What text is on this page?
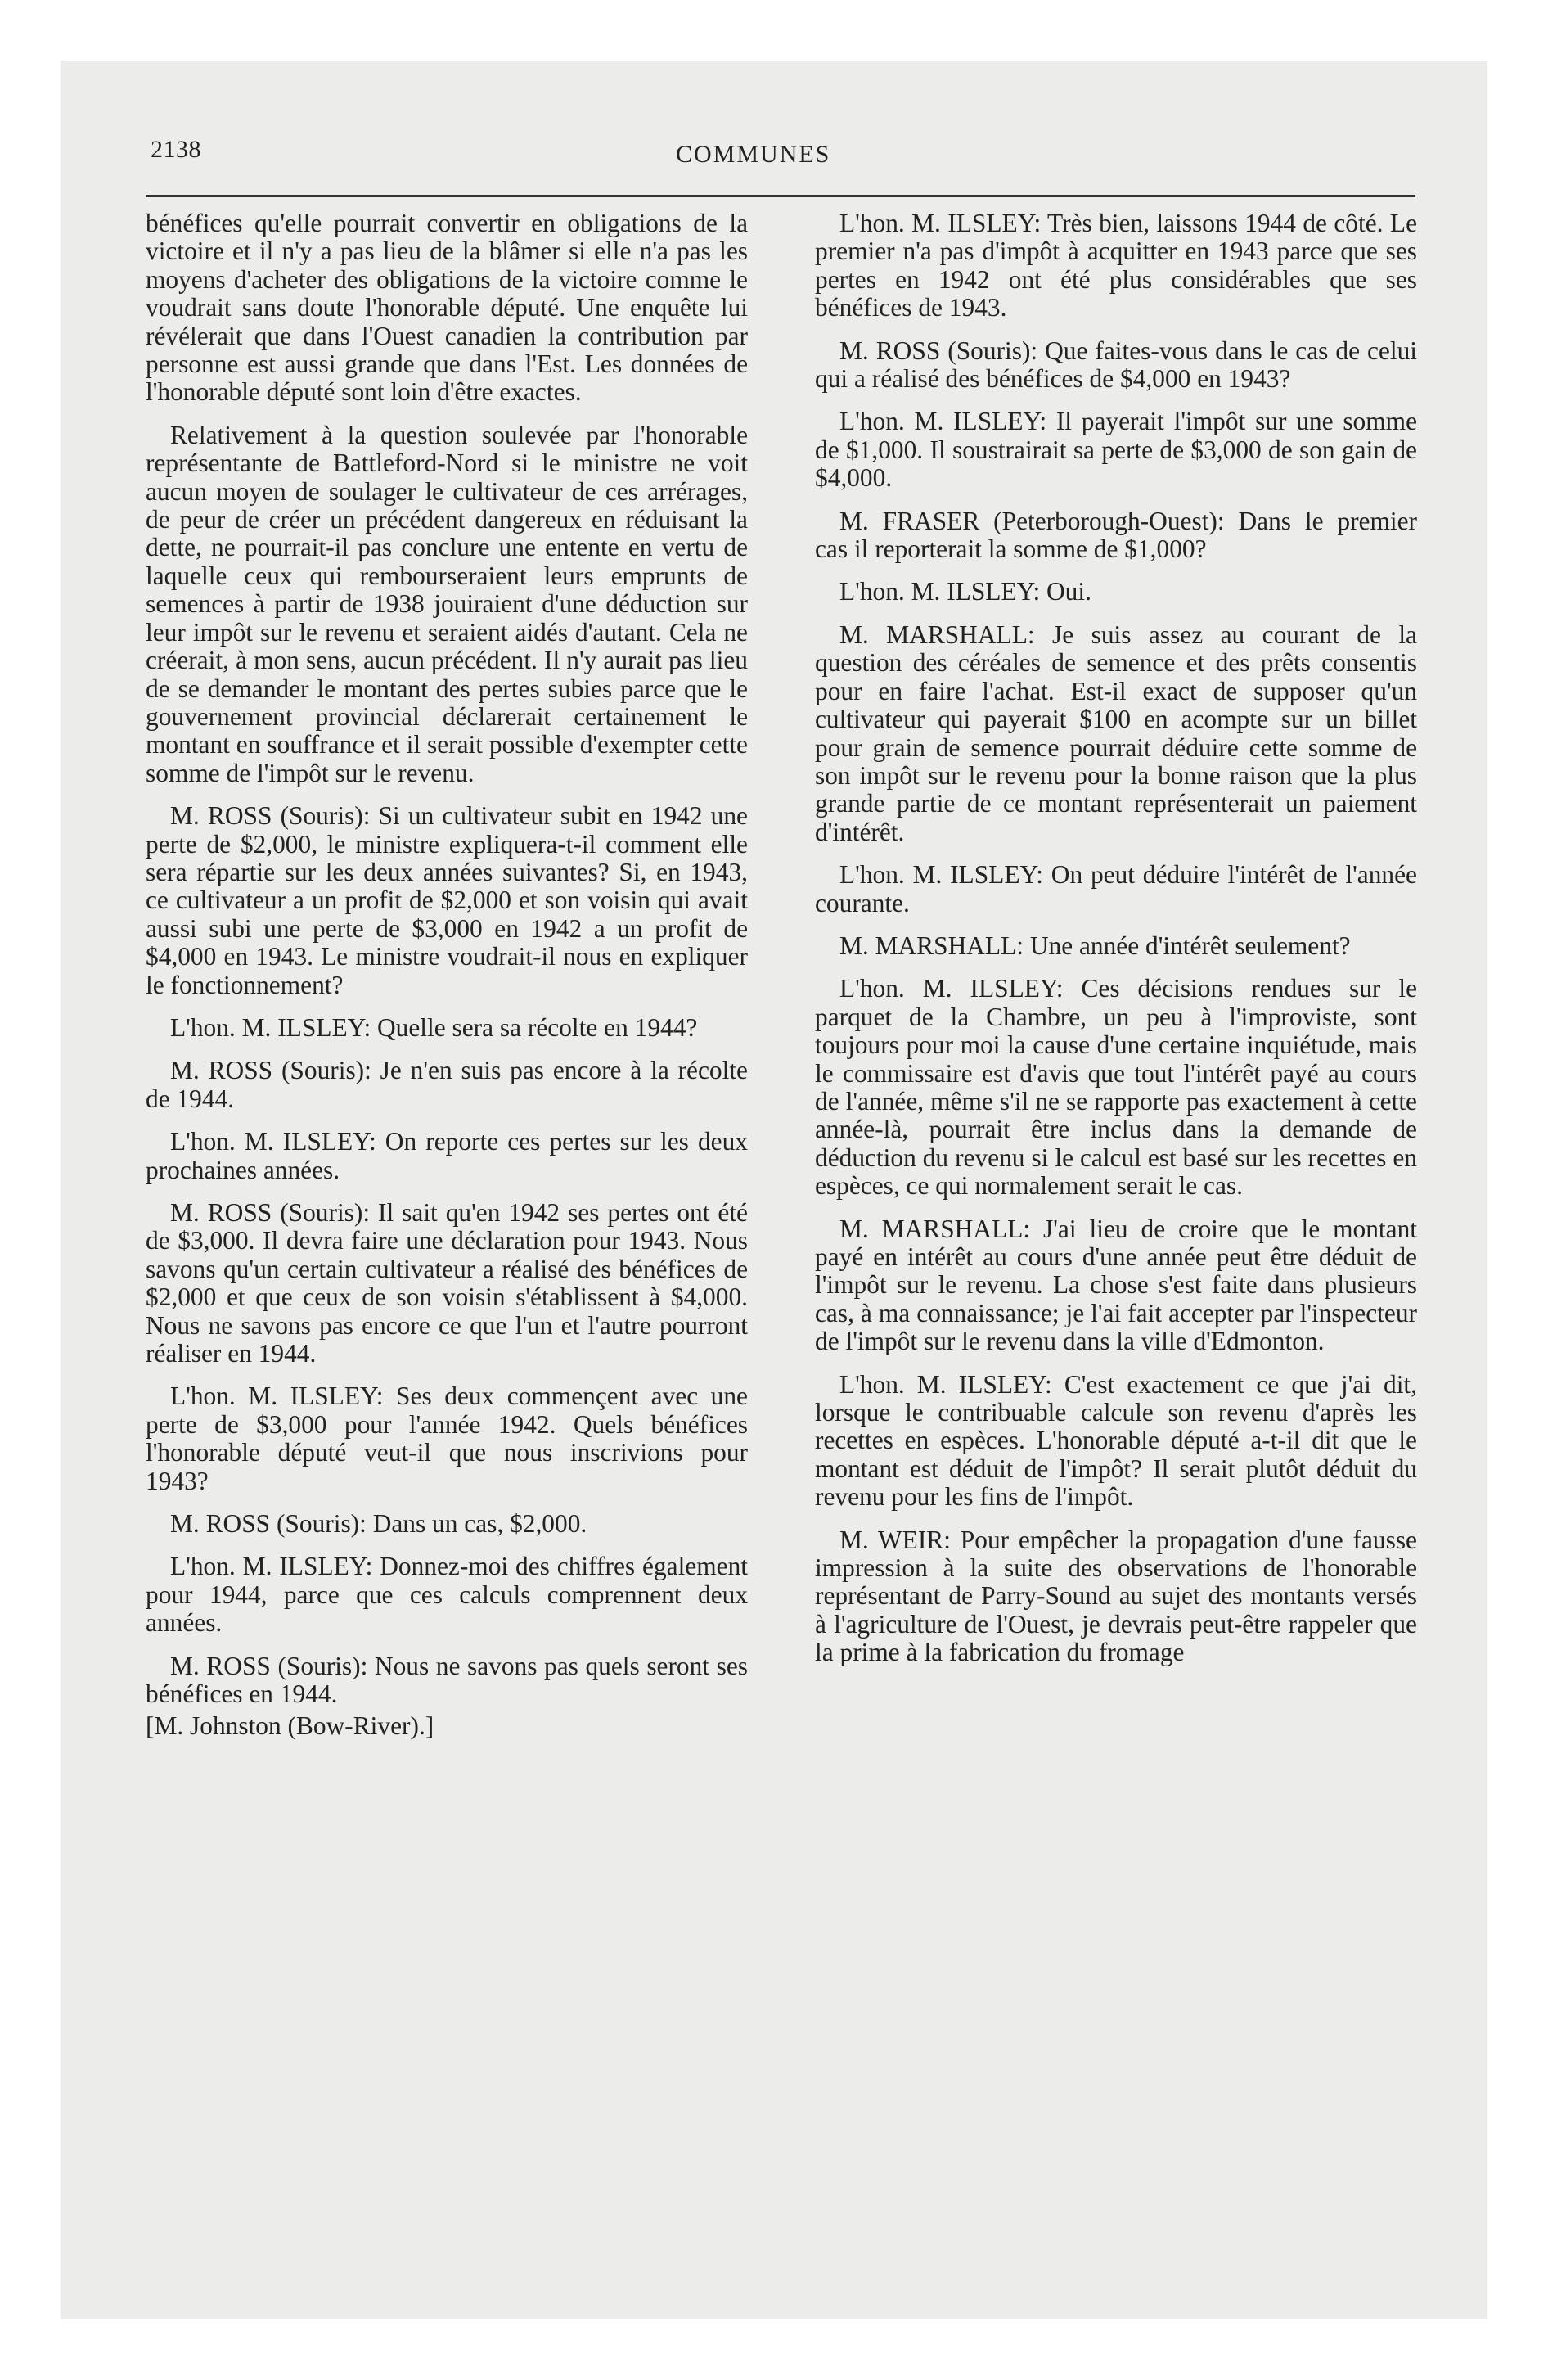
2138	COMMUNES

bénéfices qu'elle pourrait convertir en obligations de la victoire et il n'y a pas lieu de la blâmer si elle n'a pas les moyens d'acheter des obligations de la victoire comme le voudrait sans doute l'honorable député. Une enquête lui révélerait que dans l'Ouest canadien la contribution par personne est aussi grande que dans l'Est. Les données de l'honorable député sont loin d'être exactes.

Relativement à la question soulevée par l'honorable représentante de Battleford-Nord si le ministre ne voit aucun moyen de soulager le cultivateur de ces arrérages, de peur de créer un précédent dangereux en réduisant la dette, ne pourrait-il pas conclure une entente en vertu de laquelle ceux qui rembourseraient leurs emprunts de semences à partir de 1938 jouiraient d'une déduction sur leur impôt sur le revenu et seraient aidés d'autant. Cela ne créerait, à mon sens, aucun précédent. Il n'y aurait pas lieu de se demander le montant des pertes subies parce que le gouvernement provincial déclarerait certainement le montant en souffrance et il serait possible d'exempter cette somme de l'impôt sur le revenu.

M. ROSS (Souris): Si un cultivateur subit en 1942 une perte de $2,000, le ministre expliquera-t-il comment elle sera répartie sur les deux années suivantes? Si, en 1943, ce cultivateur a un profit de $2,000 et son voisin qui avait aussi subi une perte de $3,000 en 1942 a un profit de $4,000 en 1943. Le ministre voudrait-il nous en expliquer le fonctionnement?

L'hon. M. ILSLEY: Quelle sera sa récolte en 1944?

M. ROSS (Souris): Je n'en suis pas encore à la récolte de 1944.

L'hon. M. ILSLEY: On reporte ces pertes sur les deux prochaines années.

M. ROSS (Souris): Il sait qu'en 1942 ses pertes ont été de $3,000. Il devra faire une déclaration pour 1943. Nous savons qu'un certain cultivateur a réalisé des bénéfices de $2,000 et que ceux de son voisin s'établissent à $4,000. Nous ne savons pas encore ce que l'un et l'autre pourront réaliser en 1944.

L'hon. M. ILSLEY: Ses deux commençent avec une perte de $3,000 pour l'année 1942. Quels bénéfices l'honorable député veut-il que nous inscrivions pour 1943?

M. ROSS (Souris): Dans un cas, $2,000.

L'hon. M. ILSLEY: Donnez-moi des chiffres également pour 1944, parce que ces calculs comprennent deux années.

M. ROSS (Souris): Nous ne savons pas quels seront ses bénéfices en 1944.

[M. Johnston (Bow-River).]

L'hon. M. ILSLEY: Très bien, laissons 1944 de côté. Le premier n'a pas d'impôt à acquitter en 1943 parce que ses pertes en 1942 ont été plus considérables que ses bénéfices de 1943.

M. ROSS (Souris): Que faites-vous dans le cas de celui qui a réalisé des bénéfices de $4,000 en 1943?

L'hon. M. ILSLEY: Il payerait l'impôt sur une somme de $1,000. Il soustrairait sa perte de $3,000 de son gain de $4,000.

M. FRASER (Peterborough-Ouest): Dans le premier cas il reporterait la somme de $1,000?

L'hon. M. ILSLEY: Oui.

M. MARSHALL: Je suis assez au courant de la question des céréales de semence et des prêts consentis pour en faire l'achat. Est-il exact de supposer qu'un cultivateur qui payerait $100 en acompte sur un billet pour grain de semence pourrait déduire cette somme de son impôt sur le revenu pour la bonne raison que la plus grande partie de ce montant représenterait un paiement d'intérêt.

L'hon. M. ILSLEY: On peut déduire l'intérêt de l'année courante.

M. MARSHALL: Une année d'intérêt seulement?

L'hon. M. ILSLEY: Ces décisions rendues sur le parquet de la Chambre, un peu à l'improviste, sont toujours pour moi la cause d'une certaine inquiétude, mais le commissaire est d'avis que tout l'intérêt payé au cours de l'année, même s'il ne se rapporte pas exactement à cette année-là, pourrait être inclus dans la demande de déduction du revenu si le calcul est basé sur les recettes en espèces, ce qui normalement serait le cas.

M. MARSHALL: J'ai lieu de croire que le montant payé en intérêt au cours d'une année peut être déduit de l'impôt sur le revenu. La chose s'est faite dans plusieurs cas, à ma connaissance; je l'ai fait accepter par l'inspecteur de l'impôt sur le revenu dans la ville d'Edmonton.

L'hon. M. ILSLEY: C'est exactement ce que j'ai dit, lorsque le contribuable calcule son revenu d'après les recettes en espèces. L'honorable député a-t-il dit que le montant est déduit de l'impôt? Il serait plutôt déduit du revenu pour les fins de l'impôt.

M. WEIR: Pour empêcher la propagation d'une fausse impression à la suite des observations de l'honorable représentant de Parry-Sound au sujet des montants versés à l'agriculture de l'Ouest, je devrais peut-être rappeler que la prime à la fabrication du fromage
